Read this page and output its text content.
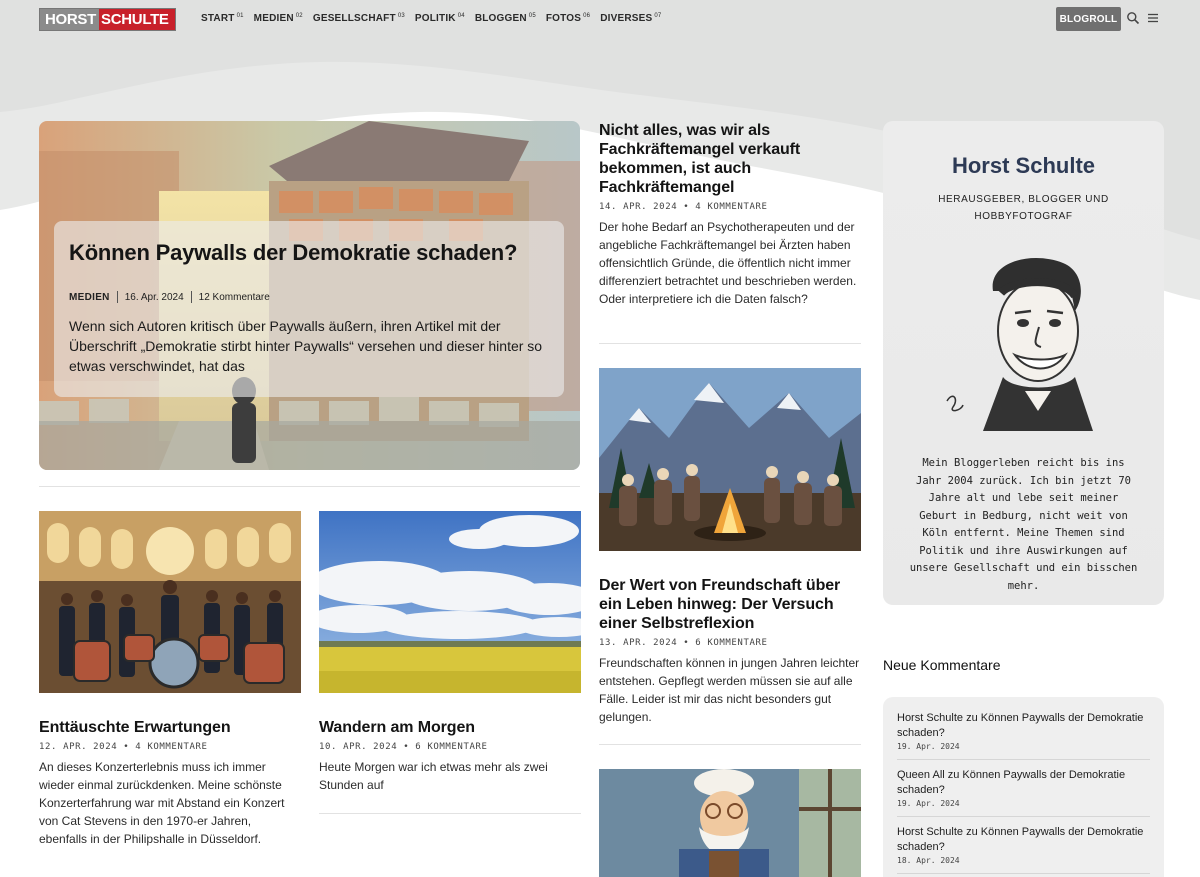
HORST SCHULTE	START $^{01}$ MEDIEN $^{02}$ GESELLSCHAFT $^{03}$ POLITIK $^{04}$ BLOGGEN $^{05}$ FOTOS $^{06}$ DIVERSES $^{07}$	BLOGROLL
Können Paywalls der Demokratie schaden?
MEDIEN 16. Apr. 2024 12 Kommentare
Wenn sich Autoren kritisch über Paywalls äußern, ihren Artikel mit der Überschrift „Demokratie stirbt hinter Paywalls“ versehen und dieser hinter so etwas verschwindet, hat das
Nicht alles, was wir als Fachkräftemangel verkauft bekommen, ist auch Fachkräftemangel
14. APR. 2024 • 4 KOMMENTARE
Der hohe Bedarf an Psychotherapeuten und der angebliche Fachkräftemangel bei Ärzten haben offensichtlich Gründe, die öffentlich nicht immer differenziert betrachtet und beschrieben werden. Oder interpretiere ich die Daten falsch?
Der Wert von Freundschaft über ein Leben hinweg: Der Versuch einer Selbstreflexion
13. APR. 2024 • 6 KOMMENTARE
Freundschaften können in jungen Jahren leichter entstehen. Gepflegt werden müssen sie auf alle Fälle. Leider ist mir das nicht besonders gut gelungen.
Enttäuschte Erwartungen
12. APR. 2024 • 4 KOMMENTARE
An dieses Konzerterlebnis muss ich immer wieder einmal zurückdenken. Meine schönste Konzerterfahrung war mit Abstand ein Konzert von Cat Stevens in den 1970-er Jahren, ebenfalls in der Philipshalle in Düsseldorf.
Wandern am Morgen
10. APR. 2024 • 6 KOMMENTARE
Heute Morgen war ich etwas mehr als zwei Stunden auf
Horst Schulte
HERAUSGEBER, BLOGGER UND HOBBYFOTOGRAF
Mein Bloggerleben reicht bis ins Jahr 2004 zurück. Ich bin jetzt 70 Jahre alt und lebe seit meiner Geburt in Bedburg, nicht weit von Köln entfernt. Meine Themen sind Politik und ihre Auswirkungen auf unsere Gesellschaft und ein bisschen mehr.
Neue Kommentare
Horst Schulte zu Können Paywalls der Demokratie schaden?
19. Apr. 2024
Queen All zu Können Paywalls der Demokratie schaden?
19. Apr. 2024
Horst Schulte zu Können Paywalls der Demokratie schaden?
18. Apr. 2024
